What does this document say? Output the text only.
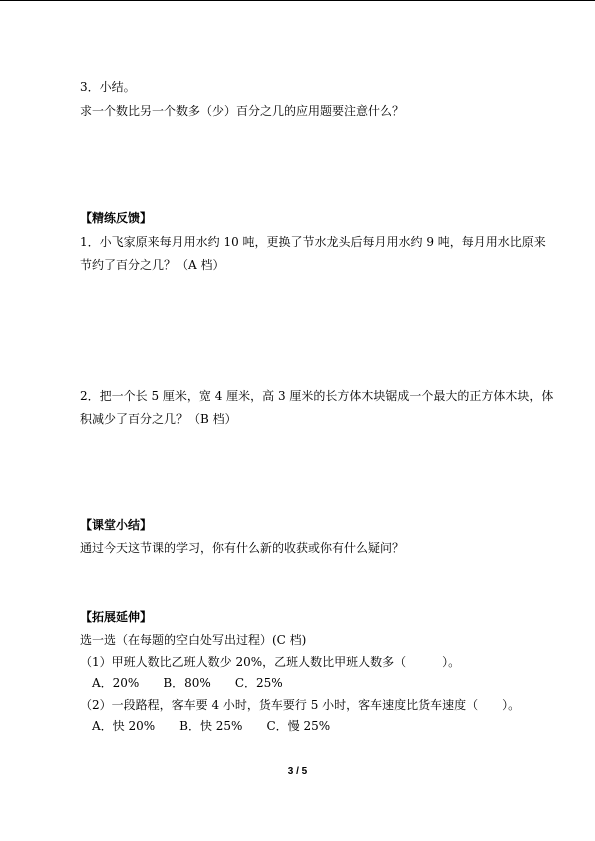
3．小结。
求一个数比另一个数多（少）百分之几的应用题要注意什么？
【精练反馈】
1．小飞家原来每月用水约 10 吨，更换了节水龙头后每月用水约 9 吨，每月用水比原来
节约了百分之几？（A 档）
2．把一个长 5 厘米，宽 4 厘米，高 3 厘米的长方体木块锯成一个最大的正方体木块，体
积减少了百分之几？（B 档）
【课堂小结】
通过今天这节课的学习，你有什么新的收获或你有什么疑问？
【拓展延伸】
选一选（在每题的空白处写出过程）(C 档)
（1）甲班人数比乙班人数少 20%，乙班人数比甲班人数多（　　　）。
A．20%　　B．80%　　C．25%
（2）一段路程，客车要 4 小时，货车要行 5 小时，客车速度比货车速度（　　）。
A．快 20%　　B．快 25%　　C．慢 25%
3 / 5
